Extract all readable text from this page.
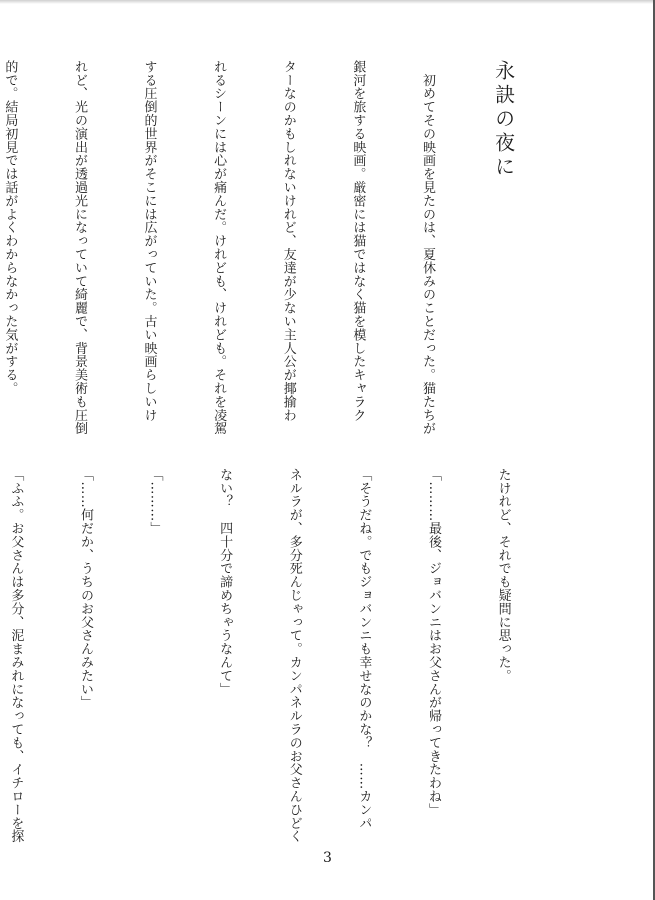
永訣の夜に

　初めてその映画を見たのは、夏休みのことだった。猫たちが

銀河を旅する映画。厳密には猫ではなく猫を模したキャラク

ターなのかもしれないけれど、友達が少ない主人公が揶揄わ

れるシーンには心が痛んだ。けれども、けれども。それを凌駕

する圧倒的世界がそこには広がっていた。古い映画らしいけ

れど、光の演出が透過光になっていて綺麗で、背景美術も圧倒

的で。結局初見では話がよくわからなかった気がする。

たけれど、それでも疑問に思った。

「………最後、ジョバンニはお父さんが帰ってきたわね」

「そうだね。でもジョバンニも幸せなのかな？　……カンパ

ネルラが、多分死んじゃって。カンパネルラのお父さんひどく

ない？　四十分で諦めちゃうなんて」

「………」

「……何だか、うちのお父さんみたい」

「ふふ。お父さんは多分、泥まみれになっても、イチローを探

3
